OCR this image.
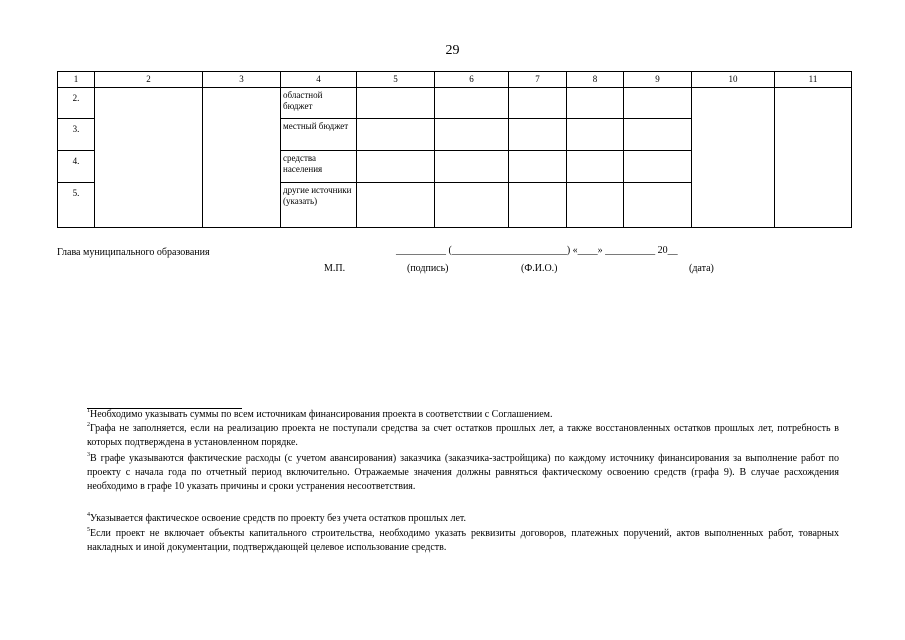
29
1	2	3	4	5	6	7	8	9	10	11
2.			областной бюджет							
3.			местный бюджет							
4.			средства населения							
5.			другие источники (указать)							
Глава муниципального образования	__________ (_______________________) «____» __________ 20__
М.П.	(подпись)	(Ф.И.О.)	(дата)
$^1$Необходимо указывать суммы по всем источникам финансирования проекта в соответствии с Соглашением.
$^2$Графа не заполняется, если на реализацию проекта не поступали средства за счет остатков прошлых лет, а также восстановленных остатков прошлых лет, потребность в которых подтверждена в установленном порядке.
$^3$В графе указываются фактические расходы (с учетом авансирования) заказчика (заказчика-застройщика) по каждому источнику финансирования за выполнение работ по проекту с начала года по отчетный период включительно. Отражаемые значения должны равняться фактическому освоению средств (графа 9). В случае расхождения необходимо в графе 10 указать причины и сроки устранения несоответствия.
$^4$Указывается фактическое освоение средств по проекту без учета остатков прошлых лет.
$^5$Если проект не включает объекты капитального строительства, необходимо указать реквизиты договоров, платежных поручений, актов выполненных работ, товарных накладных и иной документации, подтверждающей целевое использование средств.
